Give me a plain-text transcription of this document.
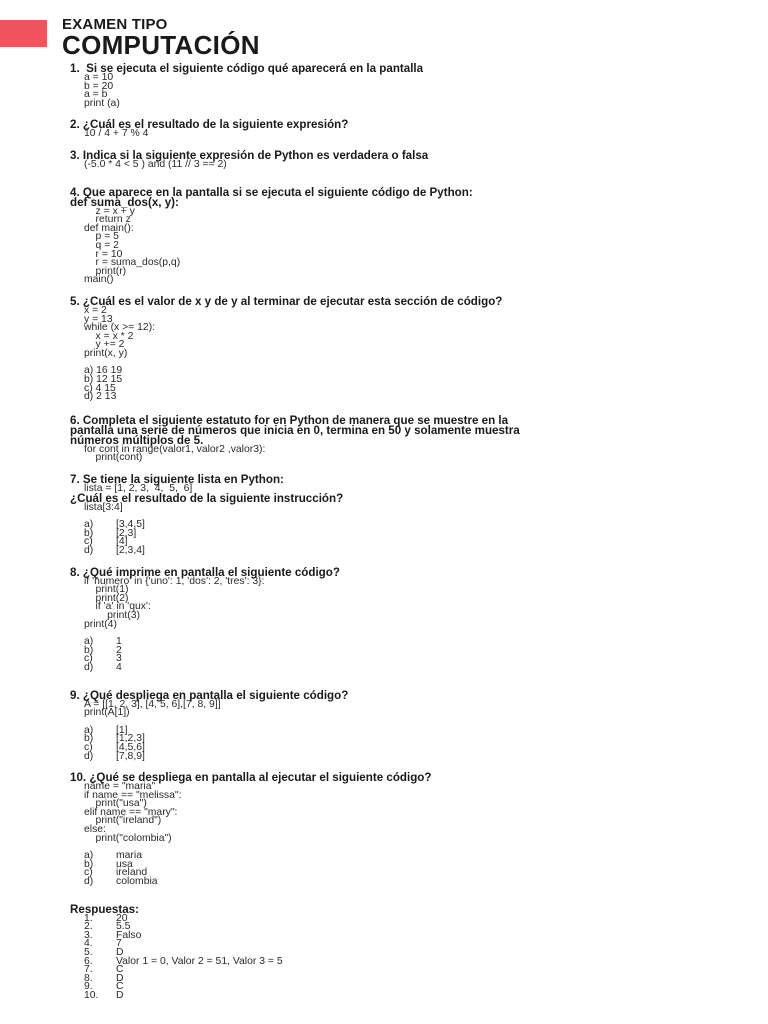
EXAMEN TIPO
COMPUTACIÓN
1.  Si se ejecuta el siguiente código qué aparecerá en la pantalla
a = 10
b = 20
a = b
print (a)
2. ¿Cuál es el resultado de la siguiente expresión?
10 / 4 + 7 % 4
3. Indica si la siguiente expresión de Python es verdadera o falsa
(-5.0 * 4 < 5 ) and (11 // 3 == 2)
4. Que aparece en la pantalla si se ejecuta el siguiente código de Python:
def suma_dos(x, y):
z = x + y
return z
def main():
p = 5
q = 2
r = 10
r = suma_dos(p,q)
print(r)
main()
5. ¿Cuál es el valor de x y de y al terminar de ejecutar esta sección de código?
x = 2
y = 13
while (x >= 12):
x = x * 2
y += 2
print(x, y)
a) 16 19
b) 12 15
c) 4 15
d) 2 13
6. Completa el siguiente estatuto for en Python de manera que se muestre en la
pantalla una serie de números que inicia en 0, termina en 50 y solamente muestra
números múltiplos de 5.
for cont in range(valor1, valor2 ,valor3):
print(cont)
7. Se tiene la siguiente lista en Python:
lista = [1, 2, 3,  4,  5,  6]
¿Cuál es el resultado de la siguiente instrucción?
lista[3:4]
a)	[3,4,5]
b)	[2,3]
c)	[4]
d)	[2,3,4]
8. ¿Qué imprime en pantalla el siguiente código?
if 'numero' in {'uno': 1, 'dos': 2, 'tres': 3}:
print(1)
print(2)
if 'a' in 'qux':
print(3)
print(4)
a)	1
b)	2
c)	3
d)	4
9. ¿Qué despliega en pantalla el siguiente código?
A = [[1, 2, 3], [4, 5, 6],[7, 8, 9]]
print(A[1])
a)	[1]
b)	[1,2,3]
c)	[4,5,6]
d)	[7,8,9]
10. ¿Qué se despliega en pantalla al ejecutar el siguiente código?
name = "maria"
if name == "melissa":
print("usa")
elif name == "mary":
print("ireland")
else:
print("colombia")
a)	maria
b)	usa
c)	ireland
d)	colombia
Respuestas:
1.	20
2.	5.5
3.	Falso
4.	7
5.	D
6.	Valor 1 = 0, Valor 2 = 51, Valor 3 = 5
7.	C
8.	D
9.	C
10.	D
